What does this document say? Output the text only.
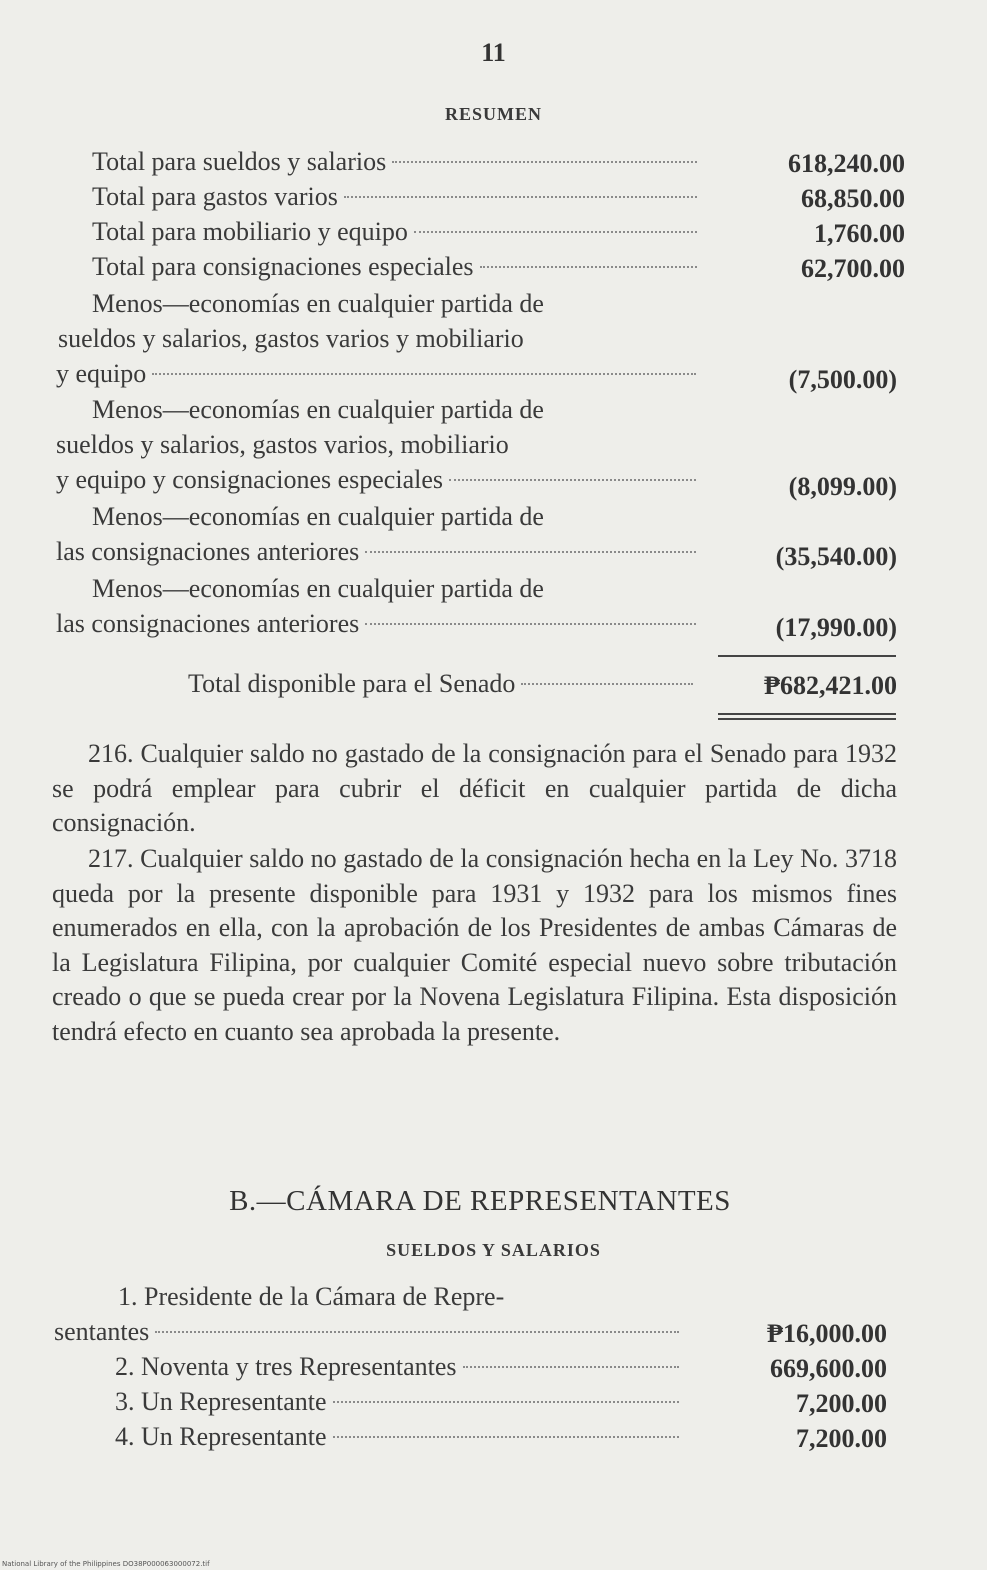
11
RESUMEN
Total para sueldos y salarios	618,240.00
Total para gastos varios	68,850.00
Total para mobiliario y equipo	1,760.00
Total para consignaciones especiales	62,700.00
Menos—economías en cualquier partida de
sueldos y salarios, gastos varios y mobiliario
y equipo	(7,500.00)
Menos—economías en cualquier partida de
sueldos y salarios, gastos varios, mobiliario
y equipo y consignaciones especiales	(8,099.00)
Menos—economías en cualquier partida de
las consignaciones anteriores	(35,540.00)
Menos—economías en cualquier partida de
las consignaciones anteriores	(17,990.00)
Total disponible para el Senado	₱682,421.00
216. Cualquier saldo no gastado de la consignación para el Senado para 1932 se podrá emplear para cubrir el déficit en cualquier partida de dicha consignación.
217. Cualquier saldo no gastado de la consignación hecha en la Ley No. 3718 queda por la presente disponible para 1931 y 1932 para los mismos fines enumerados en ella, con la aprobación de los Presidentes de ambas Cámaras de la Legislatura Filipina, por cualquier Comité especial nuevo sobre tributación creado o que se pueda crear por la Novena Legislatura Filipina. Esta disposición tendrá efecto en cuanto sea aprobada la presente.
B.—CÁMARA DE REPRESENTANTES
SUELDOS Y SALARIOS
1. Presidente de la Cámara de Repre-
sentantes	₱16,000.00
2. Noventa y tres Representantes	669,600.00
3. Un Representante	7,200.00
4. Un Representante	7,200.00
National Library of the Philippines DO38P000063000072.tif
